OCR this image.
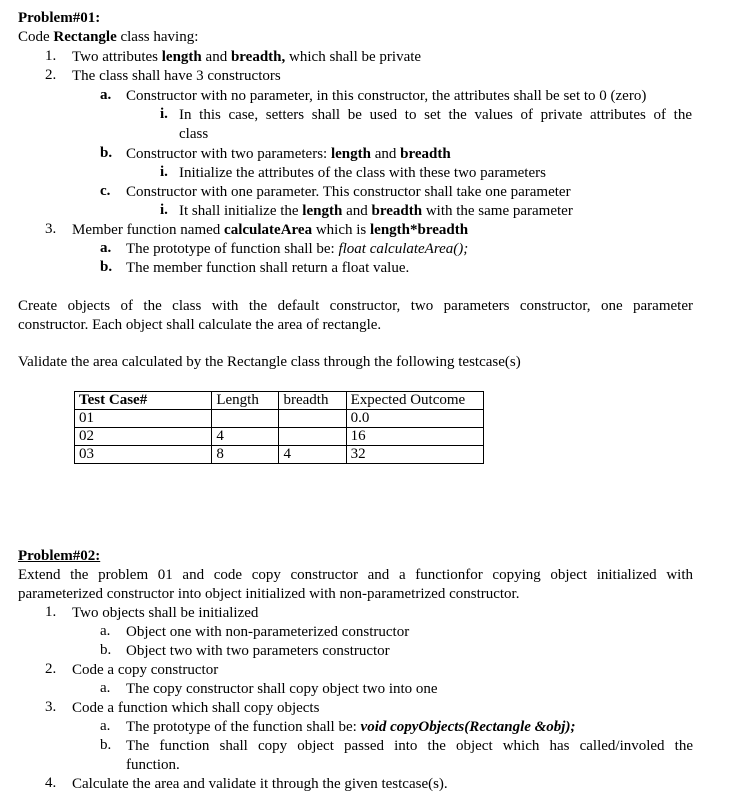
Problem#01:
Code Rectangle class having:
1. Two attributes length and breadth, which shall be private
2. The class shall have 3 constructors
a. Constructor with no parameter, in this constructor, the attributes shall be set to 0 (zero)
i. In this case, setters shall be used to set the values of private attributes of the
class
b. Constructor with two parameters: length and breadth
i. Initialize the attributes of the class with these two parameters
c. Constructor with one parameter. This constructor shall take one parameter
i. It shall initialize the length and breadth with the same parameter
3. Member function named calculateArea which is length*breadth
a. The prototype of function shall be: float calculateArea();
b. The member function shall return a float value.
Create objects of the class with the default constructor, two parameters constructor, one parameter
constructor. Each object shall calculate the area of rectangle.
Validate the area calculated by the Rectangle class through the following testcase(s)
Test Case#	Length	breadth	Expected Outcome
01			0.0
02	4		16
03	8	4	32
Problem#02:
Extend the problem 01 and code copy constructor and a functionfor copying object initialized with
parameterized constructor into object initialized with non-parametrized constructor.
1. Two objects shall be initialized
a. Object one with non-parameterized constructor
b. Object two with two parameters constructor
2. Code a copy constructor
a. The copy constructor shall copy object two into one
3. Code a function which shall copy objects
a. The prototype of the function shall be: void copyObjects(Rectangle &obj);
b. The function shall copy object passed into the object which has called/involed the
function.
4. Calculate the area and validate it through the given testcase(s).
